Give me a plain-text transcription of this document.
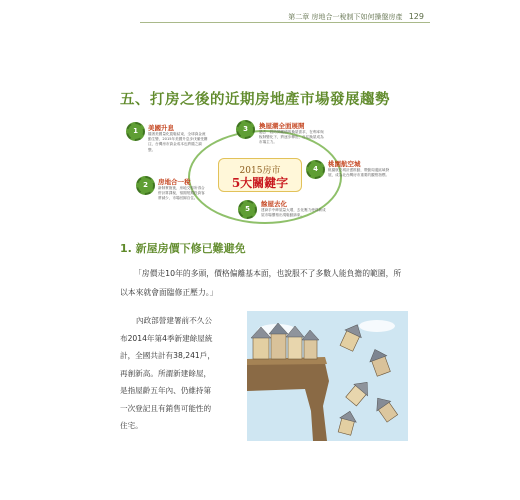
第二章 房地合一稅制下如何操盤房產 129
五、打房之後的近期房地產市場發展趨勢
1	美國升息
隨著美國量化寬鬆結束，全球資金流動生變，2015年美國升息步伐備受關注，台灣房市資金成本也將隨之調整。
2	房地合一稅
新制實施後，房地交易所得合併計算課稅，預期短期投資客將減少，市場回歸自住。
3	換屋潮全面展開
過去一段時間累積的換屋需求，在利率與稅制變化下，將逐步釋出，自住換屋成為市場主力。
4
桃園航空城
桃園航空城計畫推動，帶動周邊區域發展，成為北台灣房市重要的觀察指標。
5
餘屋去化
建商手中餘屋量大增，去化壓力使得新成屋市場價格出現鬆動跡象。
2015房市
5大關鍵字
1. 新屋房價下修已難避免
「房價走10年的多頭，價格偏離基本面，也說服不了多數人能負擔的範圍，所以本來就會面臨修正壓力。」
內政部營建署前不久公
布2014年第4季新建餘屋統
計，全國共計有38,241戶，
再創新高。所謂新建餘屋，
是指屋齡五年內、仍維持第
一次登記且有銷售可能性的
住宅。
